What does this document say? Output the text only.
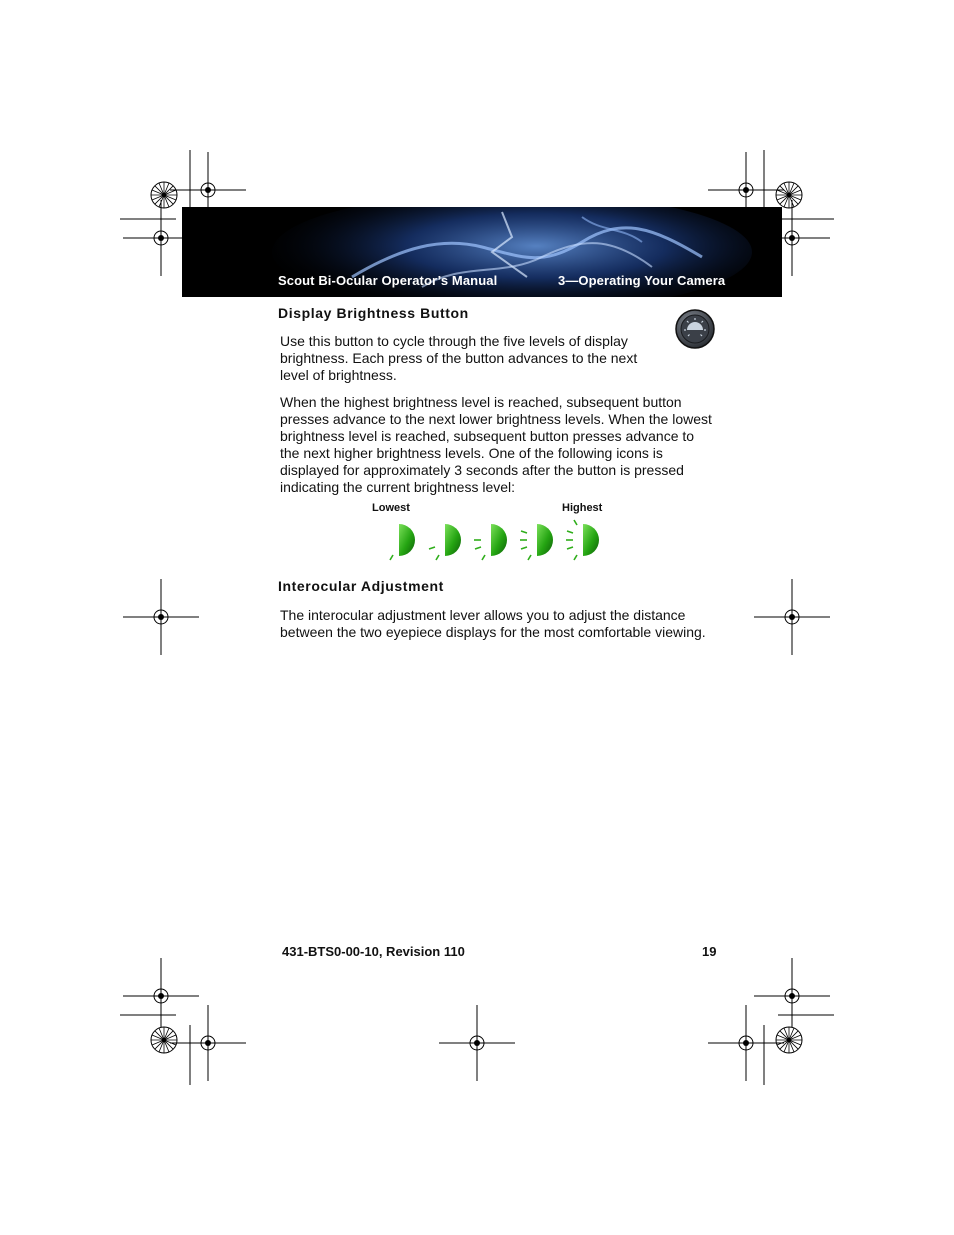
Scout Bi-Ocular Operator’s Manual	3—Operating Your Camera
Display Brightness Button
Use this button to cycle through the five levels of display
brightness. Each press of the button advances to the next
level of brightness.
When the highest brightness level is reached, subsequent button
presses advance to the next lower brightness levels. When the lowest
brightness level is reached, subsequent button presses advance to
the next higher brightness levels. One of the following icons is
displayed for approximately 3 seconds after the button is pressed
indicating the current brightness level:
Lowest	Highest
Interocular Adjustment
The interocular adjustment lever allows you to adjust the distance
between the two eyepiece displays for the most comfortable viewing.
431-BTS0-00-10, Revision 110	19
